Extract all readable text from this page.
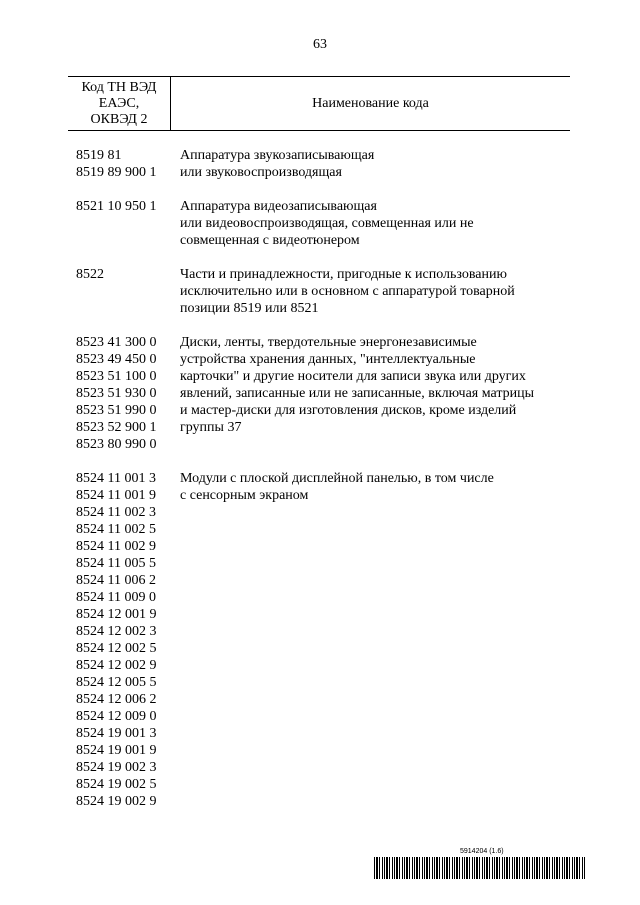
63
Код ТН ВЭД
ЕАЭС,
ОКВЭД 2
Наименование кода
8519 81
8519 89 900 1
Аппаратура звукозаписывающая
или звуковоспроизводящая
8521 10 950 1	Аппаратура видеозаписывающая
или видеовоспроизводящая, совмещенная или не
совмещенная с видеотюнером
8522	Части и принадлежности, пригодные к использованию
исключительно или в основном с аппаратурой товарной
позиции 8519 или 8521
8523 41 300 0
8523 49 450 0
8523 51 100 0
8523 51 930 0
8523 51 990 0
8523 52 900 1
8523 80 990 0
Диски, ленты, твердотельные энергонезависимые
устройства хранения данных, "интеллектуальные
карточки" и другие носители для записи звука или других
явлений, записанные или не записанные, включая матрицы
и мастер-диски для изготовления дисков, кроме изделий
группы 37
8524 11 001 3
8524 11 001 9
8524 11 002 3
8524 11 002 5
8524 11 002 9
8524 11 005 5
8524 11 006 2
8524 11 009 0
8524 12 001 9
8524 12 002 3
8524 12 002 5
8524 12 002 9
8524 12 005 5
8524 12 006 2
8524 12 009 0
8524 19 001 3
8524 19 001 9
8524 19 002 3
8524 19 002 5
8524 19 002 9
Модули с плоской дисплейной панелью, в том числе
с сенсорным экраном
5914204 (1.6)
